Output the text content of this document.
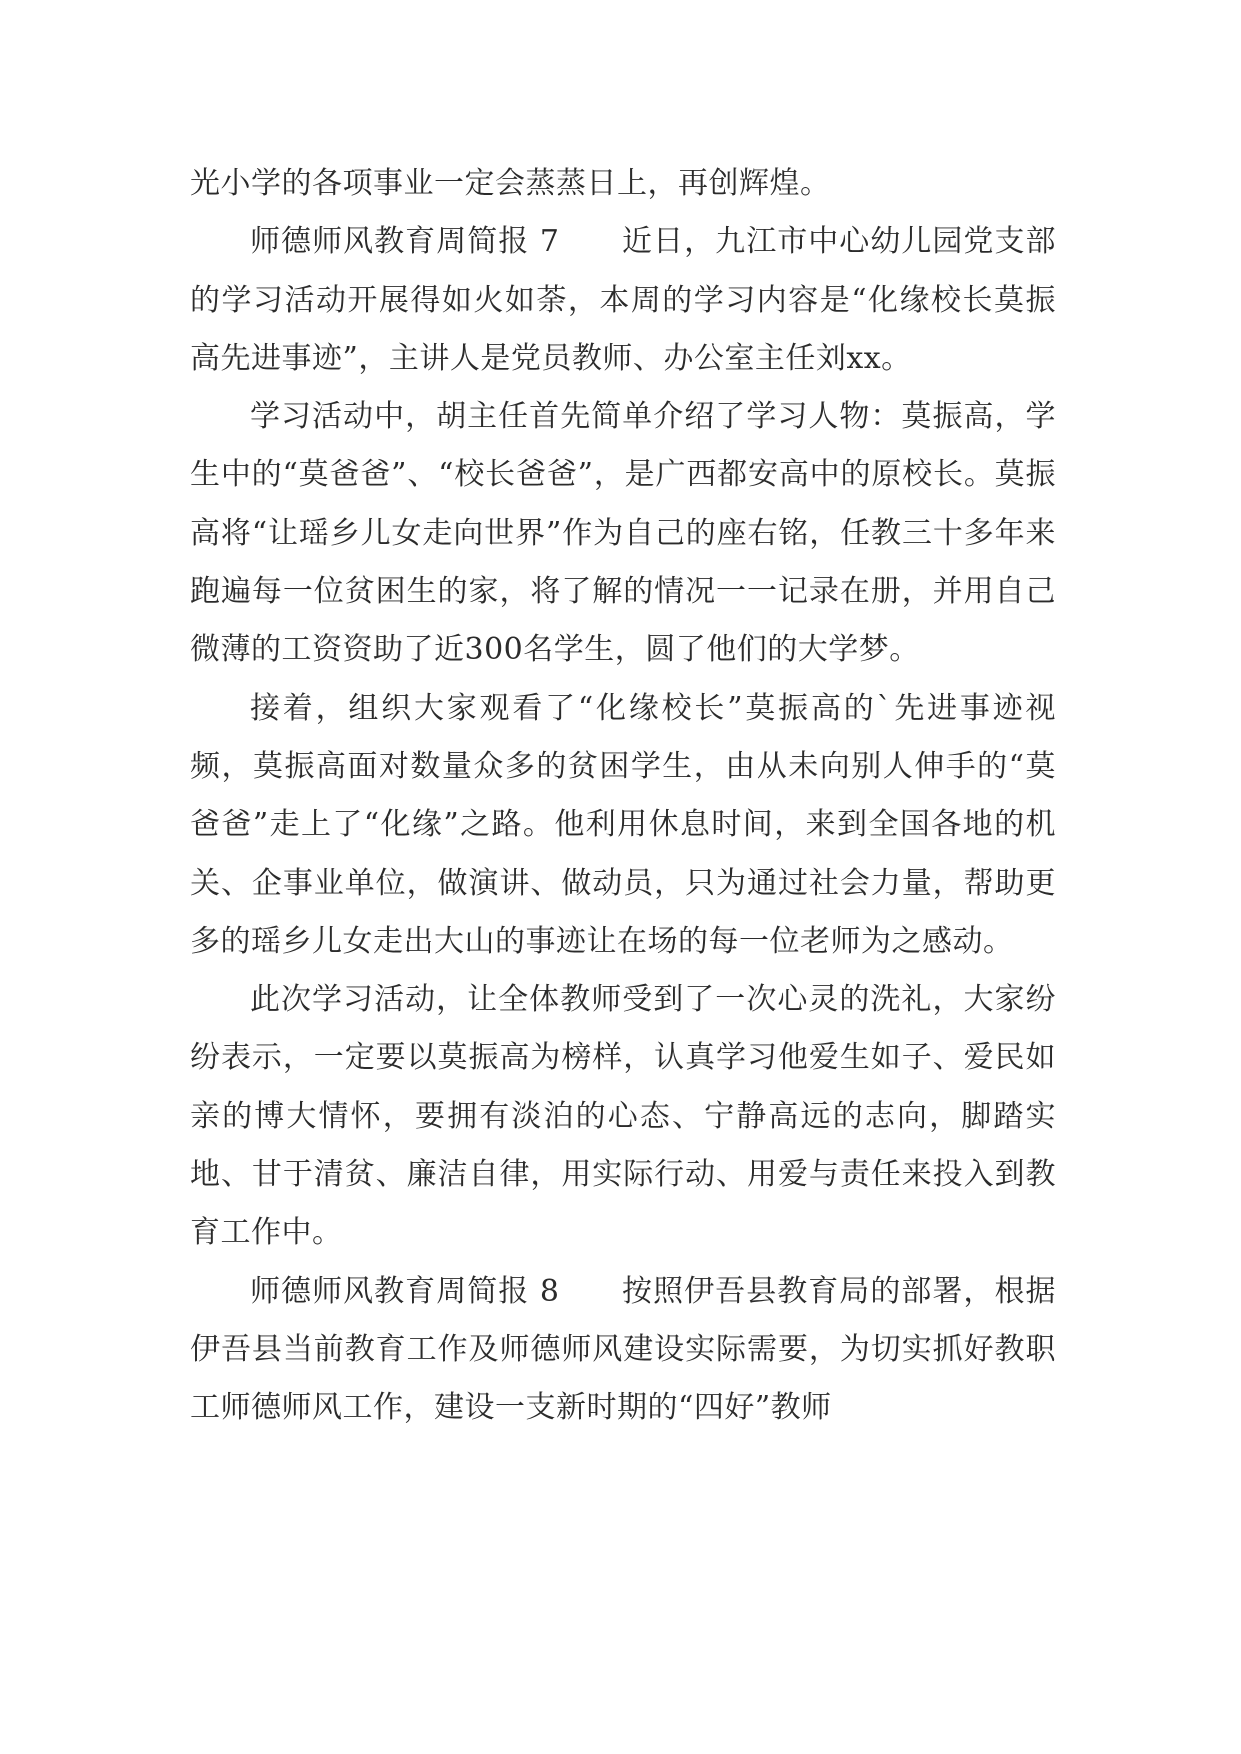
光小学的各项事业一定会蒸蒸日上，再创辉煌。

师德师风教育周简报 7　　近日，九江市中心幼儿园党支部的学习活动开展得如火如荼，本周的学习内容是“化缘校长莫振高先进事迹”，主讲人是党员教师、办公室主任刘xx。

学习活动中，胡主任首先简单介绍了学习人物：莫振高，学生中的“莫爸爸”、“校长爸爸”，是广西都安高中的原校长。莫振高将“让瑶乡儿女走向世界”作为自己的座右铭，任教三十多年来跑遍每一位贫困生的家，将了解的情况一一记录在册，并用自己微薄的工资资助了近300名学生，圆了他们的大学梦。

接着，组织大家观看了“化缘校长”莫振高的`先进事迹视频，莫振高面对数量众多的贫困学生，由从未向别人伸手的“莫爸爸”走上了“化缘”之路。他利用休息时间，来到全国各地的机关、企事业单位，做演讲、做动员，只为通过社会力量，帮助更多的瑶乡儿女走出大山的事迹让在场的每一位老师为之感动。

此次学习活动，让全体教师受到了一次心灵的洗礼，大家纷纷表示，一定要以莫振高为榜样，认真学习他爱生如子、爱民如亲的博大情怀，要拥有淡泊的心态、宁静高远的志向，脚踏实地、甘于清贫、廉洁自律，用实际行动、用爱与责任来投入到教育工作中。

师德师风教育周简报 8　　按照伊吾县教育局的部署，根据伊吾县当前教育工作及师德师风建设实际需要，为切实抓好教职工师德师风工作，建设一支新时期的“四好”教师
